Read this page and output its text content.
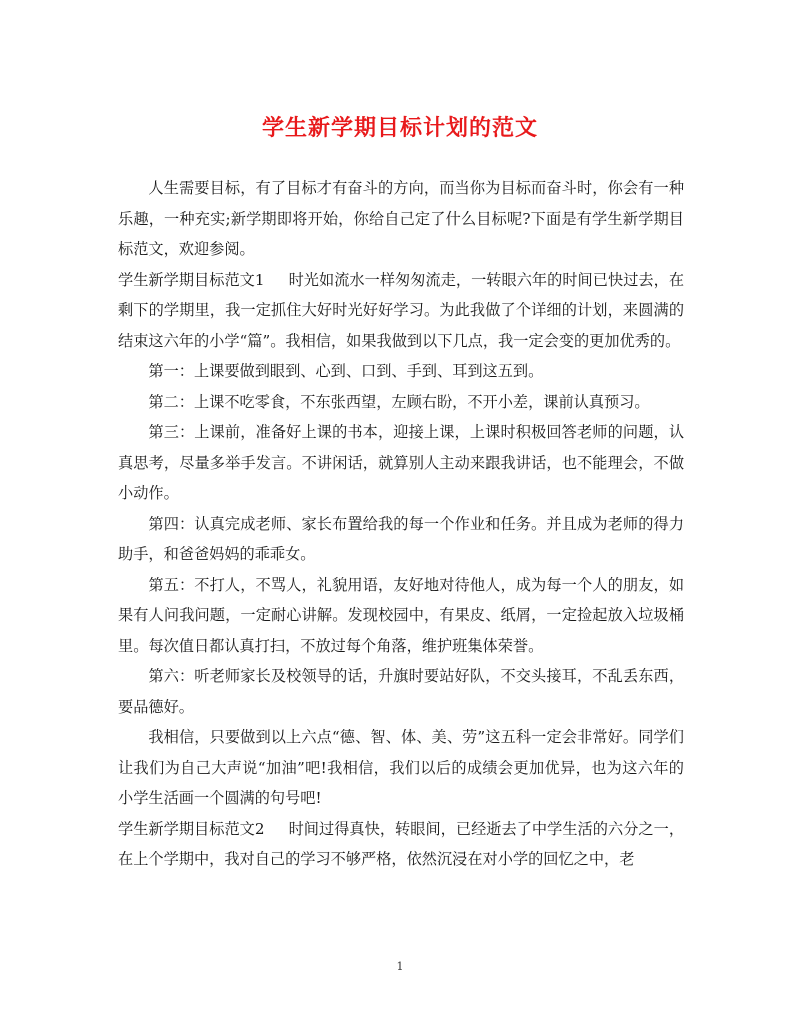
学生新学期目标计划的范文

人生需要目标，有了目标才有奋斗的方向，而当你为目标而奋斗时，你会有一种乐趣，一种充实;新学期即将开始，你给自己定了什么目标呢?下面是有学生新学期目标范文，欢迎参阅。

学生新学期目标范文1 时光如流水一样匆匆流走，一转眼六年的时间已快过去，在剩下的学期里，我一定抓住大好时光好好学习。为此我做了个详细的计划，来圆满的结束这六年的小学“篇”。我相信，如果我做到以下几点，我一定会变的更加优秀的。

第一：上课要做到眼到、心到、口到、手到、耳到这五到。

第二：上课不吃零食，不东张西望，左顾右盼，不开小差，课前认真预习。

第三：上课前，准备好上课的书本，迎接上课，上课时积极回答老师的问题，认真思考，尽量多举手发言。不讲闲话，就算别人主动来跟我讲话，也不能理会，不做小动作。

第四：认真完成老师、家长布置给我的每一个作业和任务。并且成为老师的得力助手，和爸爸妈妈的乖乖女。

第五：不打人，不骂人，礼貌用语，友好地对待他人，成为每一个人的朋友，如果有人问我问题，一定耐心讲解。发现校园中，有果皮、纸屑，一定捡起放入垃圾桶里。每次值日都认真打扫，不放过每个角落，维护班集体荣誉。

第六：听老师家长及校领导的话，升旗时要站好队，不交头接耳，不乱丢东西，要品德好。

我相信，只要做到以上六点“德、智、体、美、劳”这五科一定会非常好。同学们让我们为自己大声说“加油”吧!我相信，我们以后的成绩会更加优异，也为这六年的小学生活画一个圆满的句号吧!

学生新学期目标范文2 时间过得真快，转眼间，已经逝去了中学生活的六分之一，在上个学期中，我对自己的学习不够严格，依然沉浸在对小学的回忆之中，老

1
